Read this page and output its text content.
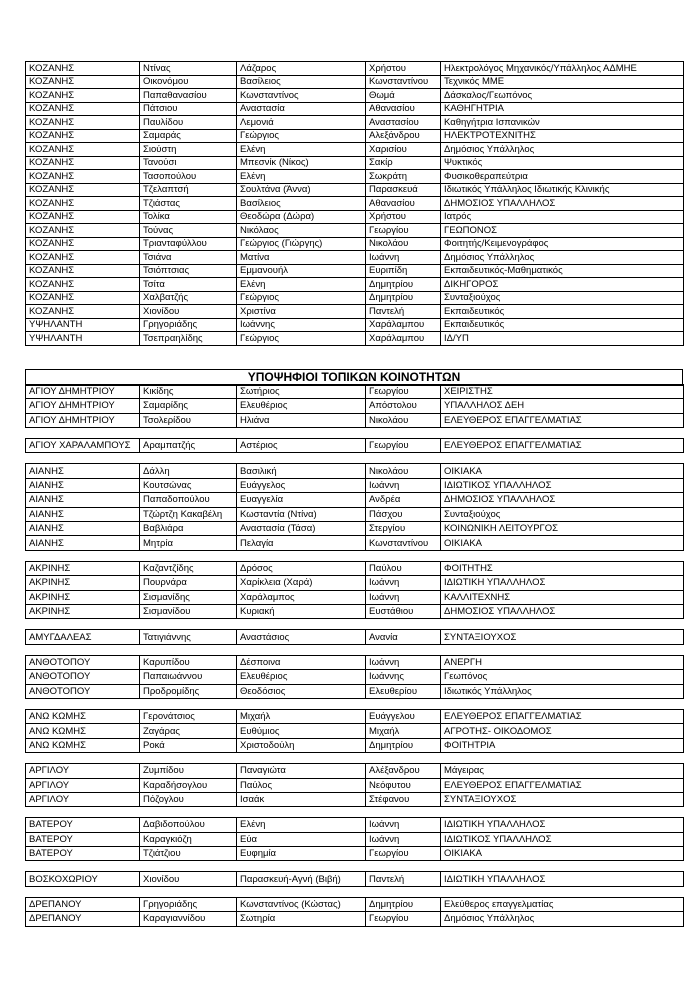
ΚΟΖΑΝΗΣ	Ντίνας	Λάζαρος	Χρήστου	Ηλεκτρολόγος Μηχανικός/Υπάλληλος ΑΔΜΗΕ
ΚΟΖΑΝΗΣ	Οικονόμου	Βασίλειος	Κωνσταντίνου	Τεχνικός ΜΜΕ
ΚΟΖΑΝΗΣ	Παπαθανασίου	Κωνσταντίνος	Θωμά	Δάσκαλος/Γεωπόνος
ΚΟΖΑΝΗΣ	Πάτσιου	Αναστασία	Αθανασίου	ΚΑΘΗΓΗΤΡΙΑ
ΚΟΖΑΝΗΣ	Παυλίδου	Λεμονιά	Αναστασίου	Καθηγήτρια Ισπανικών
ΚΟΖΑΝΗΣ	Σαμαράς	Γεώργιος	Αλεξάνδρου	ΗΛΕΚΤΡΟΤΕΧΝΙΤΗΣ
ΚΟΖΑΝΗΣ	Σιούστη	Ελένη	Χαρισίου	Δημόσιος Υπάλληλος
ΚΟΖΑΝΗΣ	Τανούσι	Μπεσνίκ (Νίκος)	Σακίρ	Ψυκτικός
ΚΟΖΑΝΗΣ	Τασοπούλου	Ελένη	Σωκράτη	Φυσικοθεραπεύτρια
ΚΟΖΑΝΗΣ	Τζελαπτσή	Σουλτάνα (Άννα)	Παρασκευά	Ιδιωτικός Υπάλληλος Ιδιωτικής Κλινικής
ΚΟΖΑΝΗΣ	Τζιάστας	Βασίλειος	Αθανασίου	ΔΗΜΟΣΙΟΣ ΥΠΑΛΛΗΛΟΣ
ΚΟΖΑΝΗΣ	Τολίκα	Θεοδώρα (Δώρα)	Χρήστου	Ιατρός
ΚΟΖΑΝΗΣ	Τούνας	Νικόλαος	Γεωργίου	ΓΕΩΠΟΝΟΣ
ΚΟΖΑΝΗΣ	Τριανταφύλλου	Γεώργιος (Γιώργης)	Νικολάου	Φοιτητής/Κειμενογράφος
ΚΟΖΑΝΗΣ	Τσιάνα	Ματίνα	Ιωάννη	Δημόσιος Υπάλληλος
ΚΟΖΑΝΗΣ	Τσιόπτσιας	Εμμανουήλ	Ευριπίδη	Εκπαιδευτικός-Μαθηματικός
ΚΟΖΑΝΗΣ	Τσίτα	Ελένη	Δημητρίου	ΔΙΚΗΓΟΡΟΣ
ΚΟΖΑΝΗΣ	Χαλβατζής	Γεώργιος	Δημητρίου	Συνταξιούχος
ΚΟΖΑΝΗΣ	Χιονίδου	Χριστίνα	Παντελή	Εκπαιδευτικός
ΥΨΗΛΑΝΤΗ	Γρηγοριάδης	Ιωάννης	Χαράλαμπου	Εκπαιδευτικός
ΥΨΗΛΑΝΤΗ	Τσεπραηλίδης	Γεώργιος	Χαράλαμπου	ΙΔ/ΥΠ
ΥΠΟΨΗΦΙΟΙ ΤΟΠΙΚΩΝ ΚΟΙΝΟΤΗΤΩΝ
ΑΓΙΟΥ ΔΗΜΗΤΡΙΟΥ	Κικίδης	Σωτήριος	Γεωργίου	ΧΕΙΡΙΣΤΗΣ
ΑΓΙΟΥ ΔΗΜΗΤΡΙΟΥ	Σαμαρίδης	Ελευθέριος	Απόστολου	ΥΠΑΛΛΗΛΟΣ ΔΕΗ
ΑΓΙΟΥ ΔΗΜΗΤΡΙΟΥ	Τσολερίδου	Ηλιάνα	Νικολάου	ΕΛΕΥΘΕΡΟΣ ΕΠΑΓΓΕΛΜΑΤΙΑΣ
ΑΓΙΟΥ ΧΑΡΑΛΑΜΠΟΥΣ	Αραμπατζής	Αστέριος	Γεωργίου	ΕΛΕΥΘΕΡΟΣ ΕΠΑΓΓΕΛΜΑΤΙΑΣ
ΑΙΑΝΗΣ	Δάλλη	Βασιλική	Νικολάου	ΟΙΚΙΑΚΑ
ΑΙΑΝΗΣ	Κουτσώνας	Ευάγγελος	Ιωάννη	ΙΔΙΩΤΙΚΟΣ ΥΠΑΛΛΗΛΟΣ
ΑΙΑΝΗΣ	Παπαδοπούλου	Ευαγγελία	Ανδρέα	ΔΗΜΟΣΙΟΣ ΥΠΑΛΛΗΛΟΣ
ΑΙΑΝΗΣ	Τζώρτζη Κακαβέλη	Κωσταντία (Ντίνα)	Πάσχου	Συνταξιούχος
ΑΙΑΝΗΣ	Βαβλιάρα	Αναστασία (Τάσα)	Στεργίου	ΚΟΙΝΩΝΙΚΗ ΛΕΙΤΟΥΡΓΟΣ
ΑΙΑΝΗΣ	Μητρία	Πελαγία	Κωνσταντίνου	ΟΙΚΙΑΚΑ
ΑΚΡΙΝΗΣ	Καζαντζίδης	Δρόσος	Παύλου	ΦΟΙΤΗΤΗΣ
ΑΚΡΙΝΗΣ	Πουρνάρα	Χαρίκλεια (Χαρά)	Ιωάννη	ΙΔΙΩΤΙΚΗ ΥΠΑΛΛΗΛΟΣ
ΑΚΡΙΝΗΣ	Σισμανίδης	Χαράλαμπος	Ιωάννη	ΚΑΛΛΙΤΕΧΝΗΣ
ΑΚΡΙΝΗΣ	Σισμανίδου	Κυριακή	Ευστάθιου	ΔΗΜΟΣΙΟΣ ΥΠΑΛΛΗΛΟΣ
ΑΜΥΓΔΑΛΕΑΣ	Τατιγιάννης	Αναστάσιος	Ανανία	ΣΥΝΤΑΞΙΟΥΧΟΣ
ΑΝΘΟΤΟΠΟΥ	Καρυπίδου	Δέσποινα	Ιωάννη	ΑΝΕΡΓΗ
ΑΝΘΟΤΟΠΟΥ	Παπαιωάννου	Ελευθέριος	Ιωάννης	Γεωπόνος
ΑΝΘΟΤΟΠΟΥ	Προδρομίδης	Θεοδόσιος	Ελευθερίου	Ιδιωτικός Υπάλληλος
ΑΝΩ ΚΩΜΗΣ	Γερονάτσιος	Μιχαήλ	Ευάγγελου	ΕΛΕΥΘΕΡΟΣ ΕΠΑΓΓΕΛΜΑΤΙΑΣ
ΑΝΩ ΚΩΜΗΣ	Ζαγάρας	Ευθύμιος	Μιχαήλ	ΑΓΡΟΤΗΣ- ΟΙΚΟΔΟΜΟΣ
ΑΝΩ ΚΩΜΗΣ	Ροκά	Χριστοδούλη	Δημητρίου	ΦΟΙΤΗΤΡΙΑ
ΑΡΓΙΛΟΥ	Ζυμπίδου	Παναγιώτα	Αλέξανδρου	Μάγειρας
ΑΡΓΙΛΟΥ	Καραδήσογλου	Παύλος	Νεόφυτου	ΕΛΕΥΘΕΡΟΣ ΕΠΑΓΓΕΛΜΑΤΙΑΣ
ΑΡΓΙΛΟΥ	Πόζογλου	Ισαάκ	Στέφανου	ΣΥΝΤΑΞΙΟΥΧΟΣ
ΒΑΤΕΡΟΥ	Δαβιδοπούλου	Ελένη	Ιωάννη	ΙΔΙΩΤΙΚΗ ΥΠΑΛΛΗΛΟΣ
ΒΑΤΕΡΟΥ	Καραγκιόζη	Εύα	Ιωάννη	ΙΔΙΩΤΙΚΟΣ ΥΠΑΛΛΗΛΟΣ
ΒΑΤΕΡΟΥ	Τζιάτζιου	Ευφημία	Γεωργίου	ΟΙΚΙΑΚΑ
ΒΟΣΚΟΧΩΡΙΟΥ	Χιονίδου	Παρασκευή-Αγνή (Βιβή)	Παντελή	ΙΔΙΩΤΙΚΗ ΥΠΑΛΛΗΛΟΣ
ΔΡΕΠΑΝΟΥ	Γρηγοριάδης	Κωνσταντίνος (Κώστας)	Δημητρίου	Ελεύθερος επαγγελματίας
ΔΡΕΠΑΝΟΥ	Καραγιαννίδου	Σωτηρία	Γεωργίου	Δημόσιος Υπάλληλος
